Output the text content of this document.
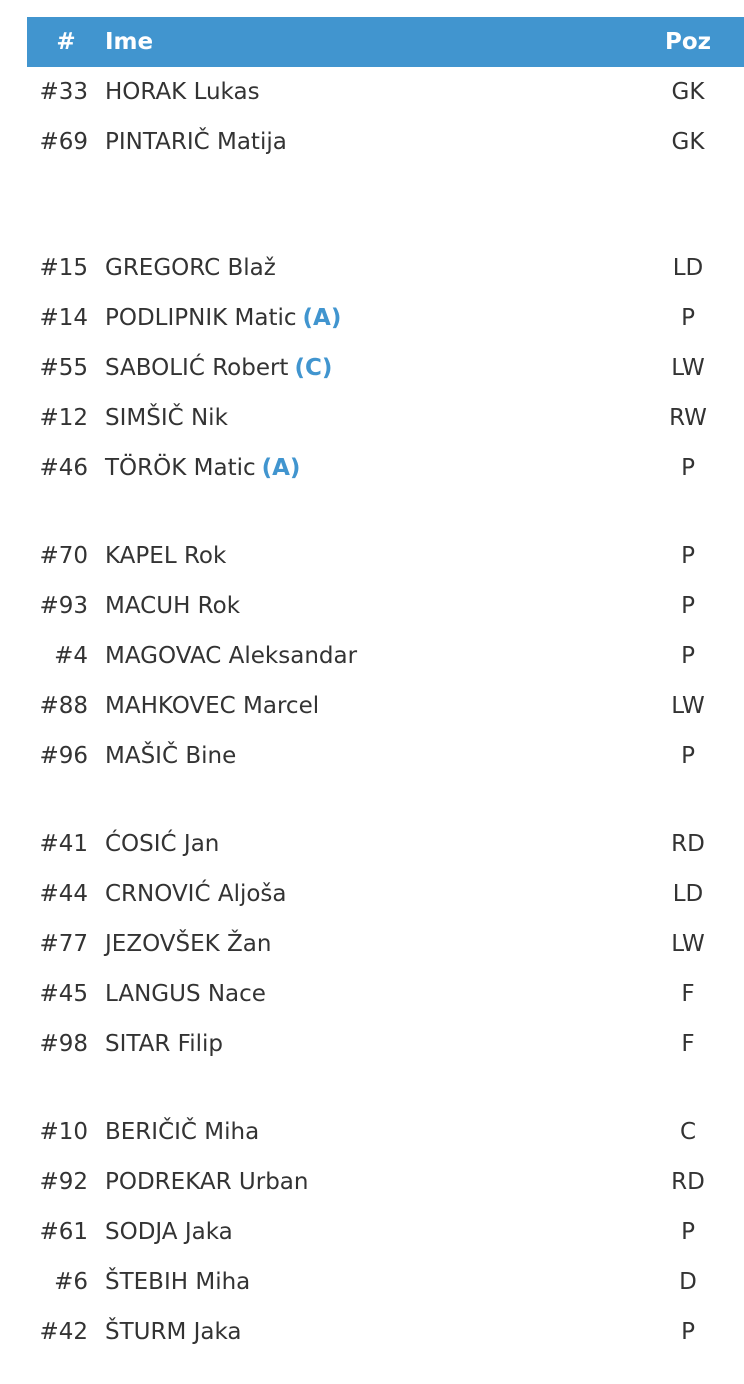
#	Ime	Poz
#33 HORAK Lukas	GK
#69 PINTARIČ Matija	GK
#15 GREGORC Blaž	LD
#14 PODLIPNIK Matic (A)	P
#55 SABOLIĆ Robert (C)	LW
#12 SIMŠIČ Nik	RW
#46 TÖRÖK Matic (A)	P
#70 KAPEL Rok	P
#93 MACUH Rok	P
#4 MAGOVAC Aleksandar	P
#88 MAHKOVEC Marcel	LW
#96 MAŠIČ Bine	P
#41 ĆOSIĆ Jan	RD
#44 CRNOVIĆ Aljoša	LD
#77 JEZOVŠEK Žan	LW
#45 LANGUS Nace	F
#98 SITAR Filip	F
#10 BERIČIČ Miha	C
#92 PODREKAR Urban	RD
#61 SODJA Jaka	P
#6 ŠTEBIH Miha	D
#42 ŠTURM Jaka	P
